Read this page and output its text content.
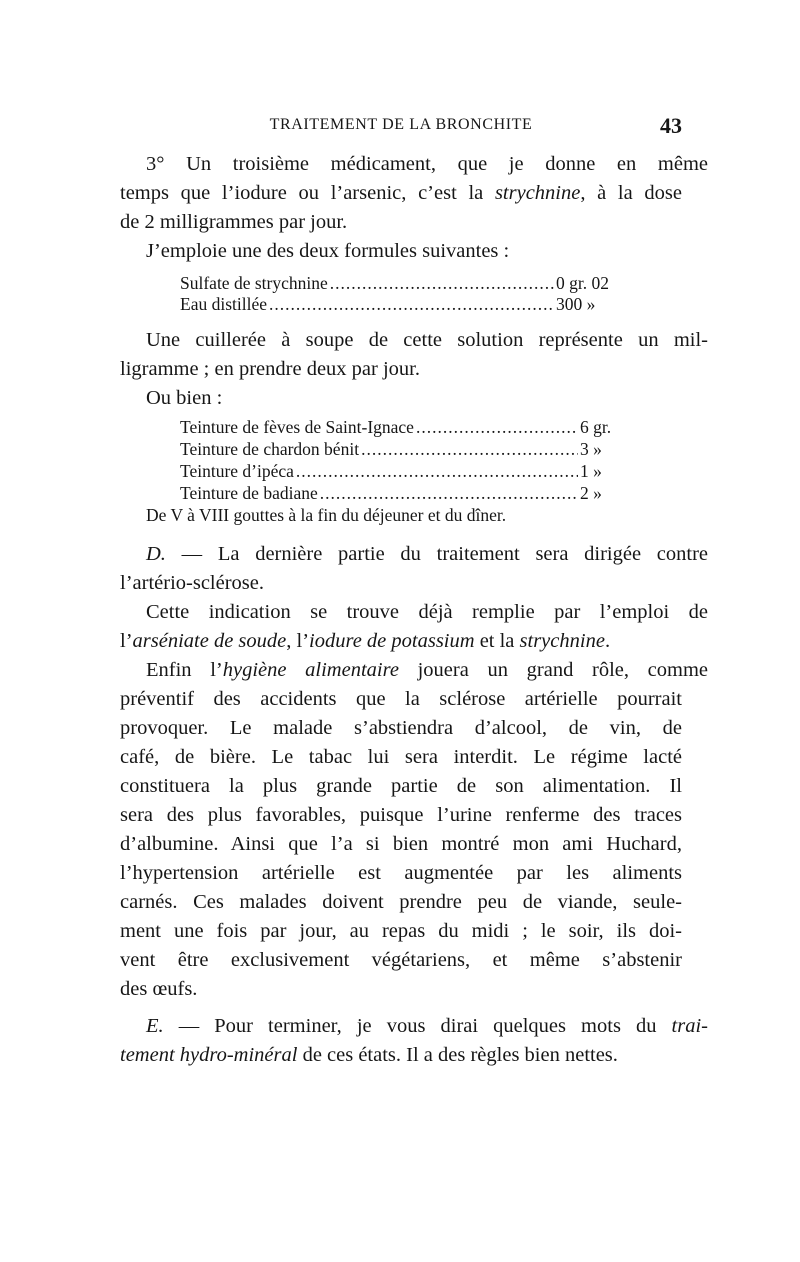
TRAITEMENT DE LA BRONCHITE	43
3° Un troisième médicament, que je donne en même
temps que l’iodure ou l’arsenic, c’est la strychnine, à la dose
de 2 milligrammes par jour.
J’emploie une des deux formules suivantes :
Sulfate de strychnine .....	0 gr. 02
Eau distillée .....	300 »
Une cuillerée à soupe de cette solution représente un mil-
ligramme ; en prendre deux par jour.
Ou bien :
Teinture de fèves de Saint-Ignace .....	6 gr.
Teinture de chardon bénit .....	3 »
Teinture d’ipéca .....	1 »
Teinture de badiane .....	2 »
De V à VIII gouttes à la fin du déjeuner et du dîner.
D. — La dernière partie du traitement sera dirigée contre
l’artério-sclérose.
Cette indication se trouve déjà remplie par l’emploi de
l’arséniate de soude, l’iodure de potassium et la strychnine.
Enfin l’hygiène alimentaire jouera un grand rôle, comme
préventif des accidents que la sclérose artérielle pourrait
provoquer. Le malade s’abstiendra d’alcool, de vin, de
café, de bière. Le tabac lui sera interdit. Le régime lacté
constituera la plus grande partie de son alimentation. Il
sera des plus favorables, puisque l’urine renferme des traces
d’albumine. Ainsi que l’a si bien montré mon ami Huchard,
l’hypertension artérielle est augmentée par les aliments
carnés. Ces malades doivent prendre peu de viande, seule-
ment une fois par jour, au repas du midi ; le soir, ils doi-
vent être exclusivement végétariens, et même s’abstenir
des œufs.
E. — Pour terminer, je vous dirai quelques mots du trai-
tement hydro-minéral de ces états. Il a des règles bien nettes.
